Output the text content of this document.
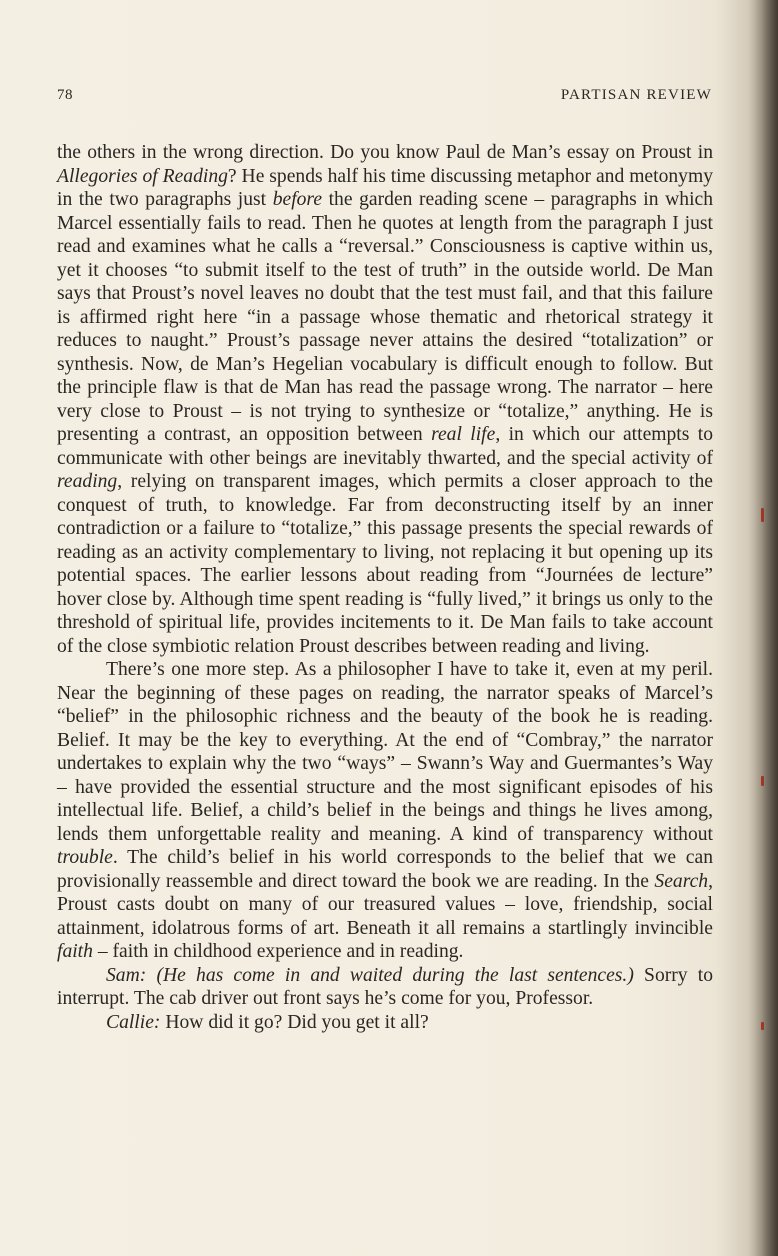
78	PARTISAN REVIEW

the others in the wrong direction. Do you know Paul de Man’s essay on Proust in Allegories of Reading? He spends half his time discussing metaphor and metonymy in the two paragraphs just before the garden reading scene – paragraphs in which Marcel essentially fails to read. Then he quotes at length from the paragraph I just read and examines what he calls a “reversal.” Consciousness is captive within us, yet it chooses “to submit itself to the test of truth” in the outside world. De Man says that Proust’s novel leaves no doubt that the test must fail, and that this failure is affirmed right here “in a passage whose thematic and rhetorical strategy it reduces to naught.” Proust’s passage never attains the desired “totalization” or synthesis. Now, de Man’s Hegelian vocabulary is difficult enough to follow. But the principle flaw is that de Man has read the passage wrong. The narrator – here very close to Proust – is not trying to synthesize or “totalize,” anything. He is presenting a contrast, an opposition between real life, in which our attempts to communicate with other beings are inevitably thwarted, and the special activity of reading, relying on transparent images, which permits a closer approach to the conquest of truth, to knowledge. Far from deconstructing itself by an inner contradiction or a failure to “totalize,” this passage presents the special rewards of reading as an activity complementary to living, not replacing it but opening up its potential spaces. The earlier lessons about reading from “Journées de lecture” hover close by. Although time spent reading is “fully lived,” it brings us only to the threshold of spiritual life, provides incitements to it. De Man fails to take account of the close symbiotic relation Proust describes between reading and living.

There’s one more step. As a philosopher I have to take it, even at my peril. Near the beginning of these pages on reading, the narrator speaks of Marcel’s “belief” in the philosophic richness and the beauty of the book he is reading. Belief. It may be the key to everything. At the end of “Combray,” the narrator undertakes to explain why the two “ways” – Swann’s Way and Guermantes’s Way – have provided the essential structure and the most significant episodes of his intellectual life. Belief, a child’s belief in the beings and things he lives among, lends them unforgettable reality and meaning. A kind of transparency without trouble. The child’s belief in his world corresponds to the belief that we can provisionally reassemble and direct toward the book we are reading. In the Search, Proust casts doubt on many of our treasured values – love, friendship, social attainment, idolatrous forms of art. Beneath it all remains a startlingly invincible faith – faith in childhood experience and in reading.

Sam: (He has come in and waited during the last sentences.) Sorry to interrupt. The cab driver out front says he’s come for you, Professor.

Callie: How did it go? Did you get it all?
